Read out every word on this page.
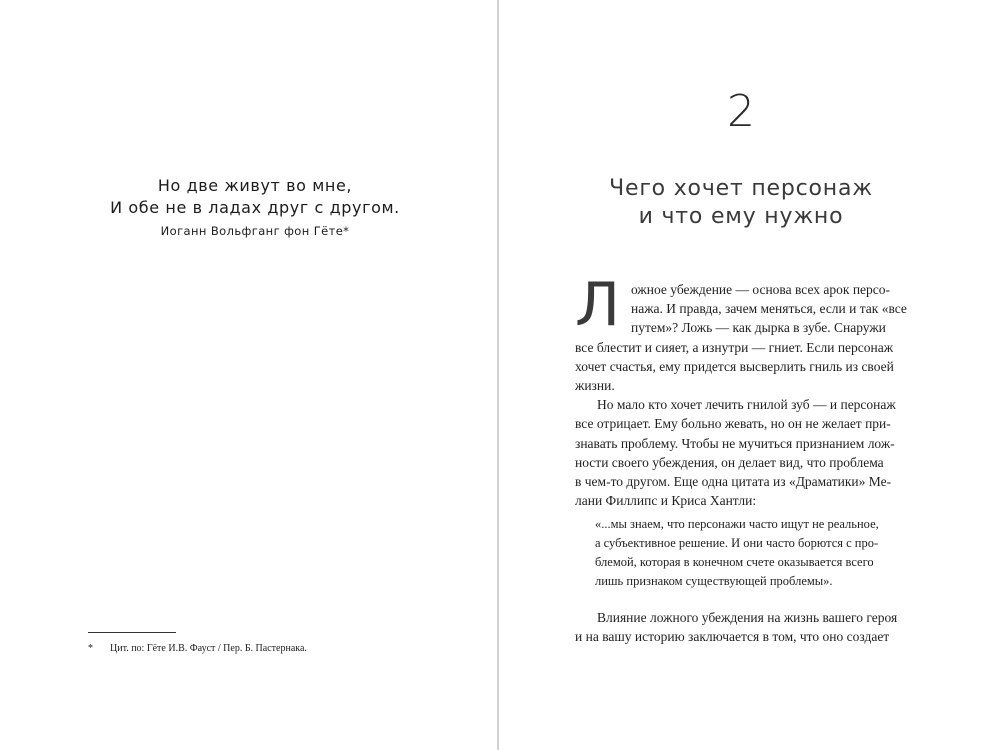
Но две живут во мне,
И обе не в ладах друг с другом.
Иоганн Вольфганг фон Гёте*
* Цит. по: Гёте И.В. Фауст / Пер. Б. Пастернака.
2
Чего хочет персонаж
и что ему нужно
Л ожное убеждение — основа всех арок персо-
нажа. И правда, зачем меняться, если и так «все
путем»? Ложь — как дырка в зубе. Снаружи
все блестит и сияет, а изнутри — гниет. Если персонаж
хочет счастья, ему придется высверлить гниль из своей
жизни.
Но мало кто хочет лечить гнилой зуб — и персонаж
все отрицает. Ему больно жевать, но он не желает при-
знавать проблему. Чтобы не мучиться признанием лож-
ности своего убеждения, он делает вид, что проблема
в чем-то другом. Еще одна цитата из «Драматики» Ме-
лани Филлипс и Криса Хантли:
«...мы знаем, что персонажи часто ищут не реальное,
а субъективное решение. И они часто борются с про-
блемой, которая в конечном счете оказывается всего
лишь признаком существующей проблемы».
Влияние ложного убеждения на жизнь вашего героя
и на вашу историю заключается в том, что оно создает
